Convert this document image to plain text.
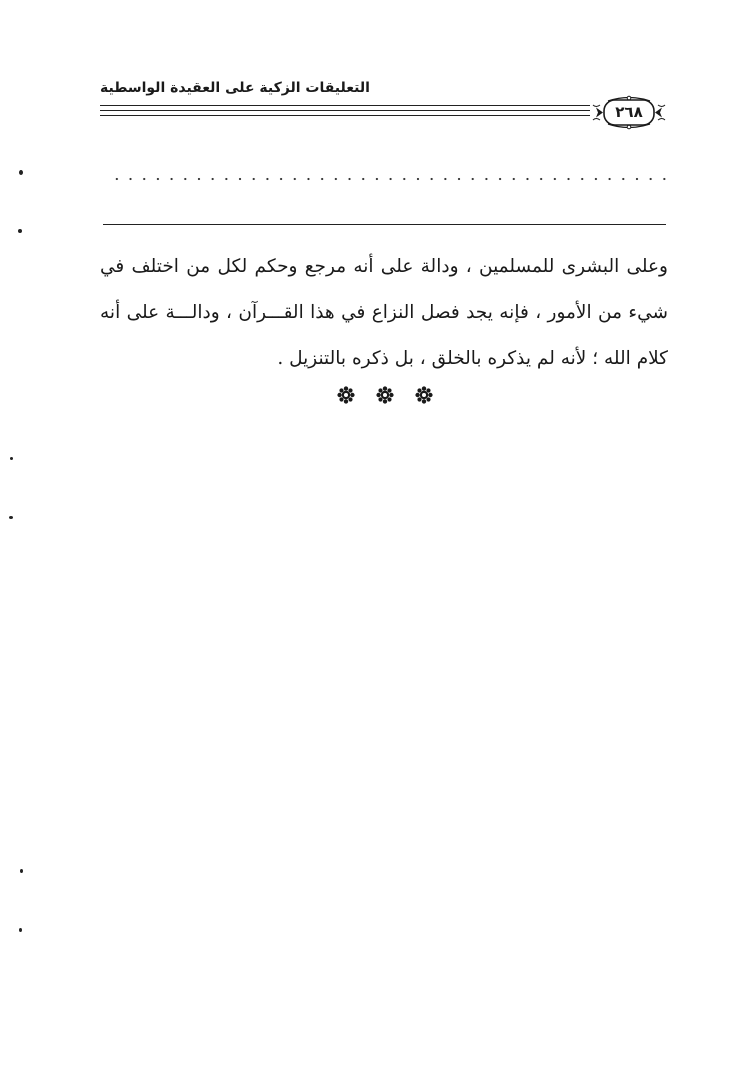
التعليقات الزكية على العقيدة الواسطية
٢٦٨
وعلى البشرى للمسلمين ، ودالة على أنه مرجع وحكم لكل من اختلف في
شيء من الأمور ، فإنه يجد فصل النزاع في هذا القـــرآن ، ودالـــة على أنه
كلام الله ؛ لأنه لم يذكره بالخلق ، بل ذكره بالتنزيل .
